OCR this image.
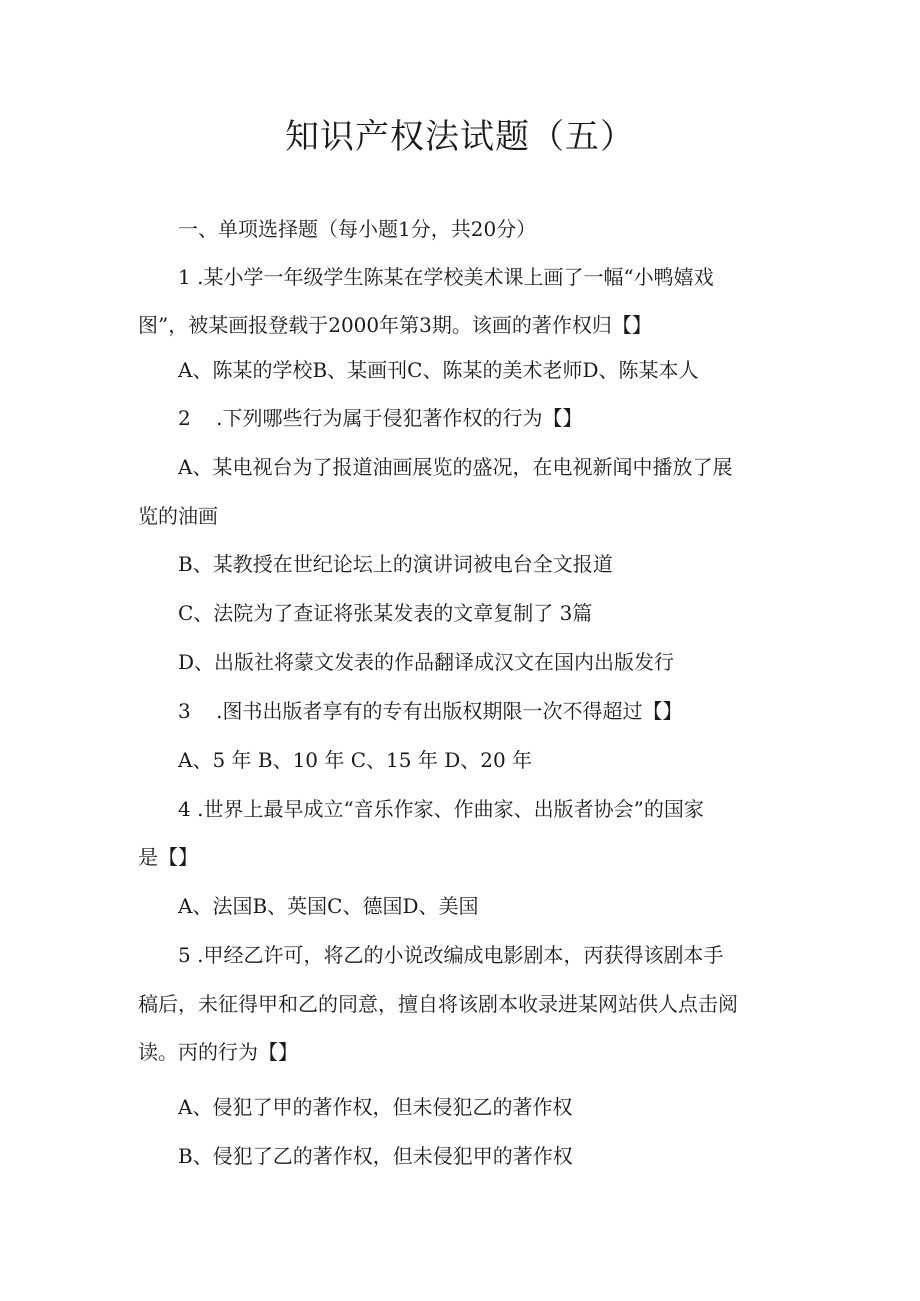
知识产权法试题（五）
一、单项选择题（每小题1分，共20分）
1 .某小学一年级学生陈某在学校美术课上画了一幅“小鸭嬉戏
图”，被某画报登载于2000年第3期。该画的著作权归【】
A、陈某的学校B、某画刊C、陈某的美术老师D、陈某本人
2    .下列哪些行为属于侵犯著作权的行为【】
A、某电视台为了报道油画展览的盛况，在电视新闻中播放了展
览的油画
B、某教授在世纪论坛上的演讲词被电台全文报道
C、法院为了查证将张某发表的文章复制了 3篇
D、出版社将蒙文发表的作品翻译成汉文在国内出版发行
3    .图书出版者享有的专有出版权期限一次不得超过【】
A、5 年 B、10 年 C、15 年 D、20 年
4 .世界上最早成立“音乐作家、作曲家、出版者协会”的国家
是【】
A、法国B、英国C、德国D、美国
5 .甲经乙许可，将乙的小说改编成电影剧本，丙获得该剧本手
稿后，未征得甲和乙的同意，擅自将该剧本收录进某网站供人点击阅
读。丙的行为【】
A、侵犯了甲的著作权，但未侵犯乙的著作权
B、侵犯了乙的著作权，但未侵犯甲的著作权
